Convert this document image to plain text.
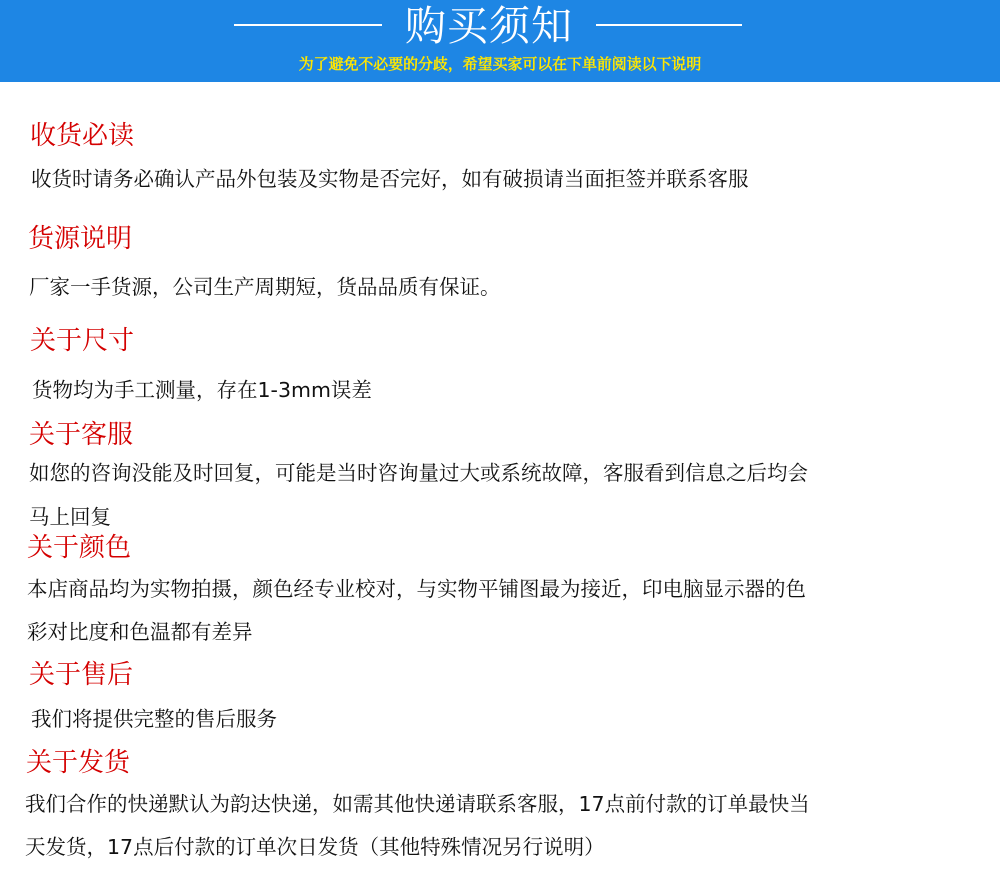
购买须知
为了避免不必要的分歧，希望买家可以在下单前阅读以下说明
收货必读
收货时请务必确认产品外包装及实物是否完好，如有破损请当面拒签并联系客服
货源说明
厂家一手货源，公司生产周期短，货品品质有保证。
关于尺寸
货物均为手工测量，存在1-3mm误差
关于客服
如您的咨询没能及时回复，可能是当时咨询量过大或系统故障，客服看到信息之后均会
马上回复
关于颜色
本店商品均为实物拍摄，颜色经专业校对，与实物平铺图最为接近，印电脑显示器的色
彩对比度和色温都有差异
关于售后
我们将提供完整的售后服务
关于发货
我们合作的快递默认为韵达快递，如需其他快递请联系客服，17点前付款的订单最快当
天发货，17点后付款的订单次日发货（其他特殊情况另行说明）
